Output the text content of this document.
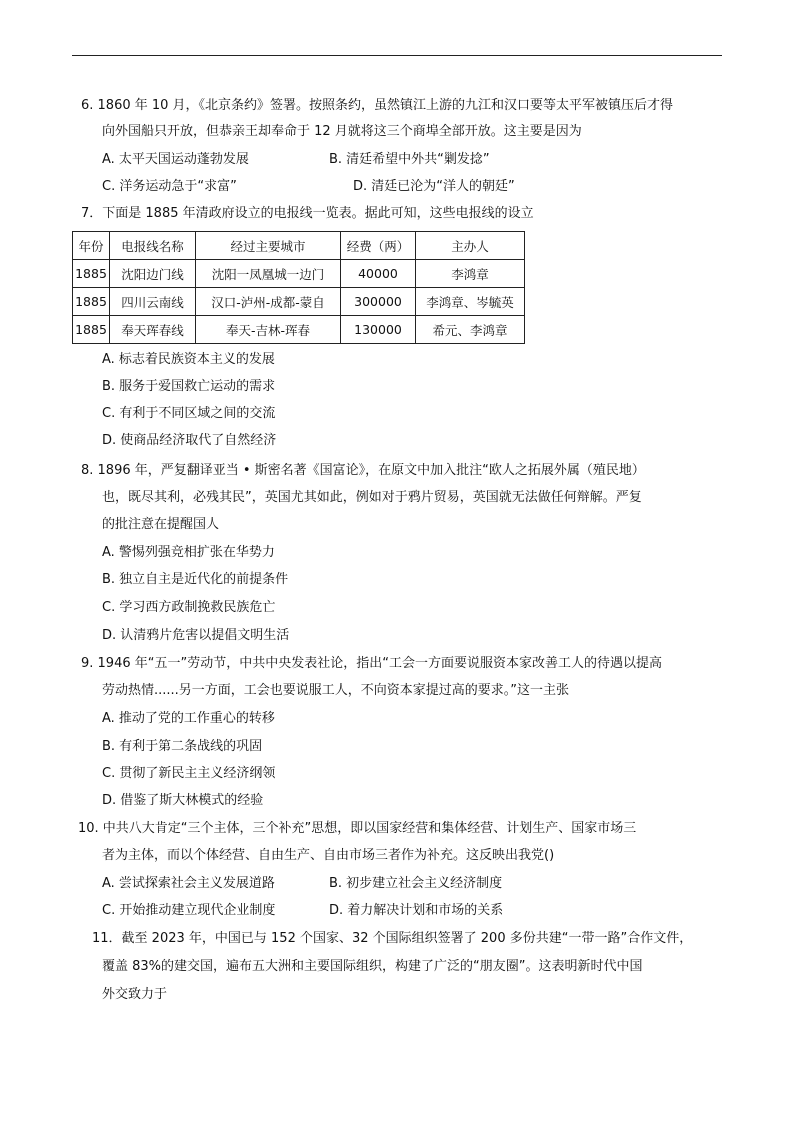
6. 1860 年 10 月，《北京条约》签署。按照条约，虽然镇江上游的九江和汉口要等太平军被镇压后才得
向外国船只开放，但恭亲王却奉命于 12 月就将这三个商埠全部开放。这主要是因为
A. 太平天国运动蓬勃发展	B. 清廷希望中外共“剿发捻”
C. 洋务运动急于“求富”	D. 清廷已沦为“洋人的朝廷”
7．下面是 1885 年清政府设立的电报线一览表。据此可知，这些电报线的设立
年份	电报线名称	经过主要城市	经费（两）	主办人
1885	沈阳边门线	沈阳一凤凰城一边门	40000	李鸿章
1885	四川云南线	汉口-泸州-成都-蒙自	300000	李鸿章、岑毓英
1885	奉天珲春线	奉天-吉林-珲春	130000	希元、李鸿章
A. 标志着民族资本主义的发展
B. 服务于爱国救亡运动的需求
C. 有利于不同区域之间的交流
D. 使商品经济取代了自然经济
8. 1896 年，严复翻译亚当 • 斯密名著《国富论》，在原文中加入批注“欧人之拓展外属（殖民地）
也，既尽其利，必残其民”，英国尤其如此，例如对于鸦片贸易，英国就无法做任何辩解。严复
的批注意在提醒国人
A. 警惕列强竞相扩张在华势力
B. 独立自主是近代化的前提条件
C. 学习西方政制挽救民族危亡
D. 认清鸦片危害以提倡文明生活
9. 1946 年“五一”劳动节，中共中央发表社论，指出“工会一方面要说服资本家改善工人的待遇以提高
劳动热情......另一方面，工会也要说服工人，不向资本家提过高的要求。”这一主张
A. 推动了党的工作重心的转移
B. 有利于第二条战线的巩固
C. 贯彻了新民主主义经济纲领
D. 借鉴了斯大林模式的经验
10. 中共八大肯定“三个主体，三个补充”思想，即以国家经营和集体经营、计划生产、国家市场三
者为主体，而以个体经营、自由生产、自由市场三者作为补充。这反映出我党()
A. 尝试探索社会主义发展道路	B. 初步建立社会主义经济制度
C. 开始推动建立现代企业制度	D. 着力解决计划和市场的关系
11．截至 2023 年，中国已与 152 个国家、32 个国际组织签署了 200 多份共建“一带一路”合作文件，
覆盖 83%的建交国，遍布五大洲和主要国际组织，构建了广泛的“朋友圈”。这表明新时代中国
外交致力于
